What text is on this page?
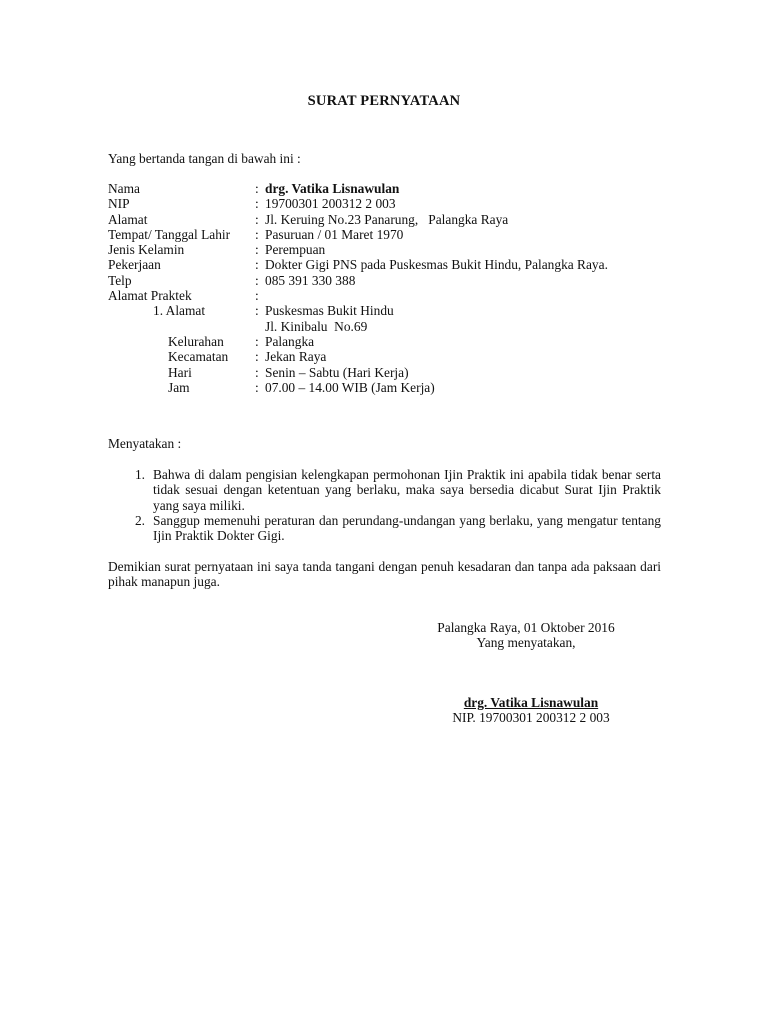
SURAT PERNYATAAN
Yang bertanda tangan di bawah ini :
Nama	: drg. Vatika Lisnawulan
NIP	: 19700301 200312 2 003
Alamat	: Jl. Keruing No.23 Panarung,   Palangka Raya
Tempat/ Tanggal Lahir	: Pasuruan / 01 Maret 1970
Jenis Kelamin	: Perempuan
Pekerjaan	: Dokter Gigi PNS pada Puskesmas Bukit Hindu, Palangka Raya.
Telp	: 085 391 330 388
Alamat Praktek	:
1. Alamat	: Puskesmas Bukit Hindu
Jl. Kinibalu  No.69
Kelurahan	: Palangka
Kecamatan	: Jekan Raya
Hari	: Senin – Sabtu (Hari Kerja)
Jam	: 07.00 – 14.00 WIB (Jam Kerja)
Menyatakan :
1. Bahwa di dalam pengisian kelengkapan permohonan Ijin Praktik ini apabila tidak benar serta tidak sesuai dengan ketentuan yang berlaku, maka saya bersedia dicabut Surat Ijin Praktik yang saya miliki.
2. Sanggup memenuhi peraturan dan perundang-undangan yang berlaku, yang mengatur tentang Ijin Praktik Dokter Gigi.
Demikian surat pernyataan ini saya tanda tangani dengan penuh kesadaran dan tanpa ada paksaan dari pihak manapun juga.
Palangka Raya, 01 Oktober 2016
Yang menyatakan,
drg. Vatika Lisnawulan
NIP. 19700301 200312 2 003
